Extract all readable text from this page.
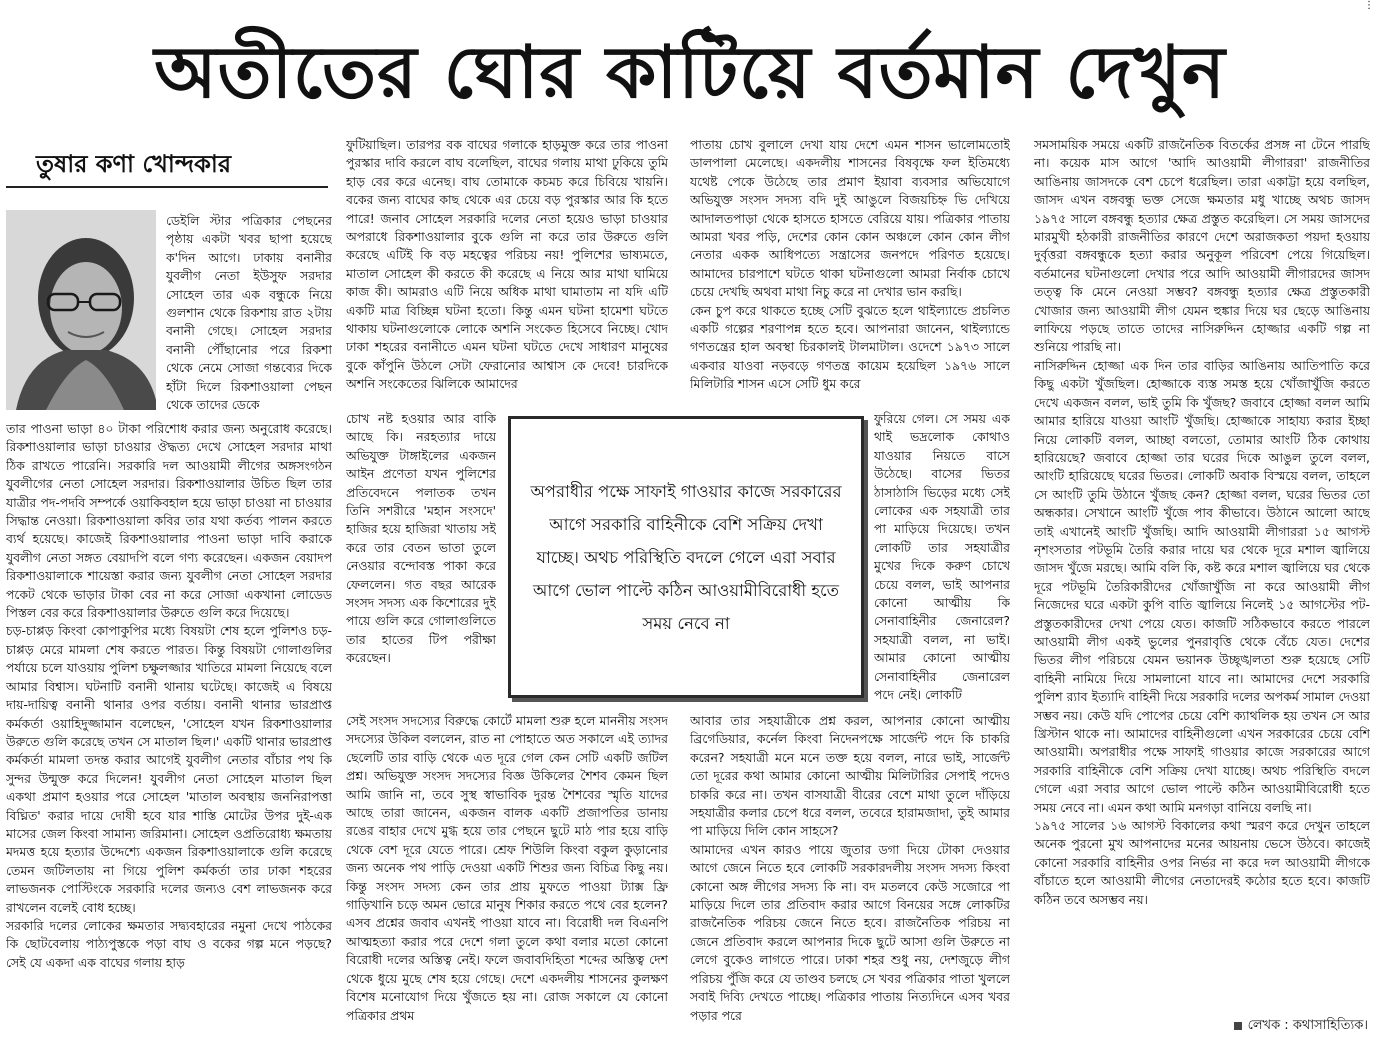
⋮
অতীতের ঘোর কাটিয়ে বর্তমান দেখুন
তুষার কণা খোন্দকার

ডেইলি স্টার পত্রিকার পেছনের পৃষ্ঠায় একটা খবর ছাপা হয়েছে ক'দিন আগে। ঢাকায় বনানীর যুবলীগ নেতা ইউসুফ সরদার সোহেল তার এক বন্ধুকে নিয়ে গুলশান থেকে রিকশায় রাত ২টায় বনানী গেছে। সোহেল সরদার বনানী পৌঁছানোর পরে রিকশা থেকে নেমে সোজা গন্তব্যের দিকে হাঁটা দিলে রিকশাওয়ালা পেছন থেকে তাদের ডেকে

তার পাওনা ভাড়া ৪০ টাকা পরিশোধ করার জন্য অনুরোধ করেছে। রিকশাওয়ালার ভাড়া চাওয়ার ঔদ্ধত্য দেখে সোহেল সরদার মাথা ঠিক রাখতে পারেনি। সরকারি দল আওয়ামী লীগের অঙ্গসংগঠন যুবলীগের নেতা সোহেল সরদার। রিকশাওয়ালার উচিত ছিল তার যাত্রীর পদ-পদবি সম্পর্কে ওয়াকিবহাল হয়ে ভাড়া চাওয়া না চাওয়ার সিদ্ধান্ত নেওয়া। রিকশাওয়ালা কবির তার যথা কর্তব্য পালন করতে ব্যর্থ হয়েছে। কাজেই রিকশাওয়ালার পাওনা ভাড়া দাবি করাকে যুবলীগ নেতা সঙ্গত বেয়াদপি বলে গণ্য করেছেন। একজন বেয়াদপ রিকশাওয়ালাকে শায়েস্তা করার জন্য যুবলীগ নেতা সোহেল সরদার পকেট থেকে ভাড়ার টাকা বের না করে সোজা একখানা লোডেড পিস্তল বের করে রিকশাওয়ালার উরুতে গুলি করে দিয়েছে।

চড়-চাপ্পড় কিংবা কোপাকুপির মধ্যে বিষয়টা শেষ হলে পুলিশও চড়-চাপ্পড় মেরে মামলা শেষ করতে পারত। কিন্তু বিষয়টা গোলাগুলির পর্যায়ে চলে যাওয়ায় পুলিশ চক্ষুলজ্জার খাতিরে মামলা নিয়েছে বলে আমার বিশ্বাস। ঘটনাটি বনানী থানায় ঘটেছে। কাজেই এ বিষয়ে দায়-দায়িত্ব বনানী থানার ওপর বর্তায়। বনানী থানার ভারপ্রাপ্ত কর্মকর্তা ওয়াহিদুজ্জামান বলেছেন, 'সোহেল যখন রিকশাওয়ালার উরুতে গুলি করেছে তখন সে মাতাল ছিল।' একটি থানার ভারপ্রাপ্ত কর্মকর্তা মামলা তদন্ত করার আগেই যুবলীগ নেতার বাঁচার পথ কি সুন্দর উন্মুক্ত করে দিলেন! যুবলীগ নেতা সোহেল মাতাল ছিল একথা প্রমাণ হওয়ার পরে সোহেল 'মাতাল অবস্থায় জননিরাপত্তা বিঘ্নিত' করার দায়ে দোষী হবে যার শাস্তি মোটের উপর দুই-এক মাসের জেল কিংবা সামান্য জরিমানা। সোহেল ওপ্রতিরোধ্য ক্ষমতায় মদমত্ত হয়ে হত্যার উদ্দেশ্যে একজন রিকশাওয়ালাকে গুলি করেছে তেমন জটিলতায় না গিয়ে পুলিশ কর্মকর্তা তার ঢাকা শহরের লাভজনক পোস্টিংকে সরকারি দলের জন্যও বেশ লাভজনক করে রাখলেন বলেই বোধ হচ্ছে।

সরকারি দলের লোকের ক্ষমতার সদ্ব্যবহারের নমুনা দেখে পাঠকের কি ছোটবেলায় পাঠ্যপুস্তকে পড়া বাঘ ও বকের গল্প মনে পড়ছে? সেই যে একদা এক বাঘের গলায় হাড়

ফুটিয়াছিল। তারপর বক বাঘের গলাকে হাড়মুক্ত করে তার পাওনা পুরস্কার দাবি করলে বাঘ বলেছিল, বাঘের গলায় মাথা ঢুকিয়ে তুমি হাড় বের করে এনেছ। বাঘ তোমাকে কচমচ করে চিবিয়ে খায়নি। বকের জন্য বাঘের কাছ থেকে এর চেয়ে বড় পুরস্কার আর কি হতে পারে! জনাব সোহেল সরকারি দলের নেতা হয়েও ভাড়া চাওয়ার অপরাধে রিকশাওয়ালার বুকে গুলি না করে তার উরুতে গুলি করেছে এটিই কি বড় মহত্বের পরিচয় নয়! পুলিশের ভাষ্যমতে, মাতাল সোহেল কী করতে কী করেছে এ নিয়ে আর মাথা ঘামিয়ে কাজ কী। আমরাও এটি নিয়ে অধিক মাথা ঘামাতাম না যদি এটি একটি মাত্র বিচ্ছিন্ন ঘটনা হতো। কিন্তু এমন ঘটনা হামেশা ঘটতে থাকায় ঘটনাগুলোকে লোকে অশনি সংকেত হিসেবে নিচ্ছে। খোদ ঢাকা শহরের বনানীতে এমন ঘটনা ঘটতে দেখে সাধারণ মানুষের বুকে কাঁপুনি উঠলে সেটা ফেরানোর আশ্বাস কে দেবে! চারদিকে অশনি সংকেতের ঝিলিকে আমাদের

চোখ নষ্ট হওয়ার আর বাকি আছে কি। নরহত্যার দায়ে অভিযুক্ত টাঙ্গাইলের একজন আইন প্রণেতা যখন পুলিশের প্রতিবেদনে পলাতক তখন তিনি সশরীরে 'মহান সংসদে' হাজির হয়ে হাজিরা খাতায় সই করে তার বেতন ভাতা তুলে নেওয়ার বন্দোবস্ত পাকা করে ফেললেন। গত বছর আরেক সংসদ সদস্য এক কিশোরের দুই পায়ে গুলি করে গোলাগুলিতে তার হাতের টিপ পরীক্ষা করেছেন।

সেই সংসদ সদস্যের বিরুদ্ধে কোর্টে মামলা শুরু হলে মাননীয় সংসদ সদস্যের উকিল বললেন, রাত না পোহাতে অত সকালে এই ত্যাদর ছেলেটি তার বাড়ি থেকে এত দূরে গেল কেন সেটি একটি জটিল প্রশ্ন। অভিযুক্ত সংসদ সদস্যের বিজ্ঞ উকিলের শৈশব কেমন ছিল আমি জানি না, তবে সুস্থ স্বাভাবিক দুরন্ত শৈশবের স্মৃতি যাদের আছে তারা জানেন, একজন বালক একটি প্রজাপতির ডানায় রঙের বাহার দেখে মুগ্ধ হয়ে তার পেছনে ছুটে মাঠ পার হয়ে বাড়ি থেকে বেশ দূরে যেতে পারে। শ্রেফ শিউলি কিংবা বকুল কুড়ানোর জন্য অনেক পথ পাড়ি দেওয়া একটি শিশুর জন্য বিচিত্র কিছু নয়। কিন্তু সংসদ সদস্য কেন তার প্রায় মুফতে পাওয়া ট্যাক্স ফ্রি গাড়িখানি চড়ে অমন ভোরে মানুষ শিকার করতে পথে বের হলেন? এসব প্রশ্নের জবাব এখনই পাওয়া যাবে না। বিরোধী দল বিএনপি আত্মহত্যা করার পরে দেশে গলা তুলে কথা বলার মতো কোনো বিরোধী দলের অস্তিত্ব নেই। ফলে জবাবদিহিতা শব্দের অস্তিত্ব দেশ থেকে ধুয়ে মুছে শেষ হয়ে গেছে। দেশে একদলীয় শাসনের কুলক্ষণ বিশেষ মনোযোগ দিয়ে খুঁজতে হয় না। রোজ সকালে যে কোনো পত্রিকার প্রথম

পাতায় চোখ বুলালে দেখা যায় দেশে এমন শাসন ভালোমতোই ডালপালা মেলেছে। একদলীয় শাসনের বিষবৃক্ষে ফল ইতিমধ্যে যথেষ্ট পেকে উঠেছে তার প্রমাণ ইয়াবা ব্যবসার অভিযোগে অভিযুক্ত সংসদ সদস্য বদি দুই আঙুলে বিজয়চিহ্ন ভি দেখিয়ে আদালতপাড়া থেকে হাসতে হাসতে বেরিয়ে যায়। পত্রিকার পাতায় আমরা খবর পড়ি, দেশের কোন কোন অঞ্চলে কোন কোন লীগ নেতার একক আধিপত্যে সন্ত্রাসের জনপদে পরিণত হয়েছে। আমাদের চারপাশে ঘটতে থাকা ঘটনাগুলো আমরা নির্বাক চোখে চেয়ে দেখছি অথবা মাথা নিচু করে না দেখার ভান করছি।

কেন চুপ করে থাকতে হচ্ছে সেটি বুঝতে হলে থাইল্যান্ডে প্রচলিত একটি গল্পের শরণাপন্ন হতে হবে। আপনারা জানেন, থাইল্যান্ডে গণতন্ত্রের হাল অবস্থা চিরকালই টালমাটাল। ওদেশে ১৯৭৩ সালে একবার যাওবা নড়বড়ে গণতন্ত্র কায়েম হয়েছিল ১৯৭৬ সালে মিলিটারি শাসন এসে সেটি ধুম করে

ফুরিয়ে গেল। সে সময় এক থাই ভদ্রলোক কোথাও যাওয়ার নিয়তে বাসে উঠেছে। বাসের ভিতর ঠাসাঠাসি ভিড়ের মধ্যে সেই লোকের এক সহযাত্রী তার পা মাড়িয়ে দিয়েছে। তখন লোকটি তার সহযাত্রীর মুখের দিকে করুণ চোখে চেয়ে বলল, ভাই আপনার কোনো আত্মীয় কি সেনাবাহিনীর জেনারেল? সহযাত্রী বলল, না ভাই। আমার কোনো আত্মীয় সেনাবাহিনীর জেনারেল পদে নেই। লোকটি

আবার তার সহযাত্রীকে প্রশ্ন করল, আপনার কোনো আত্মীয় ব্রিগেডিয়ার, কর্নেল কিংবা নিদেনপক্ষে সার্জেন্ট পদে কি চাকরি করেন? সহযাত্রী মনে মনে তক্ত হয়ে বলল, নারে ভাই, সার্জেন্ট তো দূরের কথা আমার কোনো আত্মীয় মিলিটারির সেপাই পদেও চাকরি করে না। তখন বাসযাত্রী বীরের বেশে মাথা তুলে দাঁড়িয়ে সহযাত্রীর কলার চেপে ধরে বলল, তবেরে হারামজাদা, তুই আমার পা মাড়িয়ে দিলি কোন সাহসে?

আমাদের এখন কারও পায়ে জুতার ডগা দিয়ে টোকা দেওয়ার আগে জেনে নিতে হবে লোকটি সরকারদলীয় সংসদ সদস্য কিংবা কোনো অঙ্গ লীগের সদস্য কি না। বদ মতলবে কেউ সজোরে পা মাড়িয়ে দিলে তার প্রতিবাদ করার আগে বিনয়ের সঙ্গে লোকটির রাজনৈতিক পরিচয় জেনে নিতে হবে। রাজনৈতিক পরিচয় না জেনে প্রতিবাদ করলে আপনার দিকে ছুটে আসা গুলি উরুতে না লেগে বুকেও লাগতে পারে। ঢাকা শহর শুধু নয়, দেশজুড়ে লীগ পরিচয় পুঁজি করে যে তাণ্ডব চলছে সে খবর পত্রিকার পাতা খুললে সবাই দিব্যি দেখতে পাচ্ছে। পত্রিকার পাতায় নিত্যদিনে এসব খবর পড়ার পরে

সমসাময়িক সময়ে একটি রাজনৈতিক বিতর্কের প্রসঙ্গ না টেনে পারছি না। কয়েক মাস আগে 'আদি আওয়ামী লীগাররা' রাজনীতির আঙিনায় জাসদকে বেশ চেপে ধরেছিল। তারা একাট্টা হয়ে বলছিল, জাসদ এখন বঙ্গবন্ধু ভক্ত সেজে ক্ষমতার মধু খাচ্ছে অথচ জাসদ ১৯৭৫ সালে বঙ্গবন্ধু হত্যার ক্ষেত্র প্রস্তুত করেছিল। সে সময় জাসদের মারমুখী হঠকারী রাজনীতির কারণে দেশে অরাজকতা পয়দা হওয়ায় দুর্বৃত্তরা বঙ্গবন্ধুকে হত্যা করার অনুকূল পরিবেশ পেয়ে গিয়েছিল। বর্তমানের ঘটনাগুলো দেখার পরে আদি আওয়ামী লীগারদের জাসদ তত্ত্ব কি মেনে নেওয়া সম্ভব? বঙ্গবন্ধু হত্যার ক্ষেত্র প্রস্তুতকারী খোজার জন্য আওয়ামী লীগ যেমন হুঙ্কার দিয়ে ঘর ছেড়ে আঙিনায় লাফিয়ে পড়ছে তাতে তাদের নাসিরুদ্দিন হোজ্জার একটি গল্প না শুনিয়ে পারছি না।

নাসিরুদ্দিন হোজ্জা এক দিন তার বাড়ির আঙিনায় আতিপাতি করে কিছু একটা খুঁজছিল। হোজ্জাকে ব্যস্ত সমস্ত হয়ে খোঁজাখুঁজি করতে দেখে একজন বলল, ভাই তুমি কি খুঁজছ? জবাবে হোজ্জা বলল আমি আমার হারিয়ে যাওয়া আংটি খুঁজছি। হোজ্জাকে সাহায্য করার ইচ্ছা নিয়ে লোকটি বলল, আচ্ছা বলতো, তোমার আংটি ঠিক কোথায় হারিয়েছে? জবাবে হোজ্জা তার ঘরের দিকে আঙুল তুলে বলল, আংটি হারিয়েছে ঘরের ভিতর। লোকটি অবাক বিস্ময়ে বলল, তাহলে সে আংটি তুমি উঠানে খুঁজছ কেন? হোজ্জা বলল, ঘরের ভিতর তো অন্ধকার। সেখানে আংটি খুঁজে পাব কীভাবে। উঠানে আলো আছে তাই এখানেই আংটি খুঁজছি। আদি আওয়ামী লীগাররা ১৫ আগস্ট নৃশংসতার পটভূমি তৈরি করার দায়ে ঘর থেকে দূরে মশাল জ্বালিয়ে জাসদ খুঁজে মরছে। আমি বলি কি, কষ্ট করে মশাল জ্বালিয়ে ঘর থেকে দূরে পটভূমি তৈরিকারীদের খোঁজাখুঁজি না করে আওয়ামী লীগ নিজেদের ঘরে একটা কুপি বাতি জ্বালিয়ে নিলেই ১৫ আগস্টের পট-প্রস্তুতকারীদের দেখা পেয়ে যেত। কাজটি সঠিকভাবে করতে পারলে আওয়ামী লীগ একই ভুলের পুনরাবৃত্তি থেকে বেঁচে যেত। দেশের ভিতর লীগ পরিচয়ে যেমন ভয়ানক উচ্ছৃঙ্খলতা শুরু হয়েছে সেটি বাহিনী নামিয়ে দিয়ে সামলানো যাবে না। আমাদের দেশে সরকারি পুলিশ র‍্যাব ইত্যাদি বাহিনী দিয়ে সরকারি দলের অপকর্ম সামাল দেওয়া সম্ভব নয়। কেউ যদি পোপের চেয়ে বেশি ক্যাথলিক হয় তখন সে আর খ্রিস্টান থাকে না। আমাদের বাহিনীগুলো এখন সরকারের চেয়ে বেশি আওয়ামী। অপরাধীর পক্ষে সাফাই গাওয়ার কাজে সরকারের আগে সরকারি বাহিনীকে বেশি সক্রিয় দেখা যাচ্ছে। অথচ পরিস্থিতি বদলে গেলে এরা সবার আগে ভোল পাল্টে কঠিন আওয়ামীবিরোধী হতে সময় নেবে না। এমন কথা আমি মনগড়া বানিয়ে বলছি না।

১৯৭৫ সালের ১৬ আগস্ট বিকালের কথা স্মরণ করে দেখুন তাহলে অনেক পুরনো মুখ আপনাদের মনের আয়নায় ভেসে উঠবে। কাজেই কোনো সরকারি বাহিনীর ওপর নির্ভর না করে দল আওয়ামী লীগকে বাঁচাতে হলে আওয়ামী লীগের নেতাদেরই কঠোর হতে হবে। কাজটি কঠিন তবে অসম্ভব নয়।

অপরাধীর পক্ষে সাফাই গাওয়ার কাজে সরকারের আগে সরকারি বাহিনীকে বেশি সক্রিয় দেখা যাচ্ছে। অথচ পরিস্থিতি বদলে গেলে এরা সবার আগে ভোল পাল্টে কঠিন আওয়ামীবিরোধী হতে সময় নেবে না
লেখক : কথাসাহিত্যিক।
